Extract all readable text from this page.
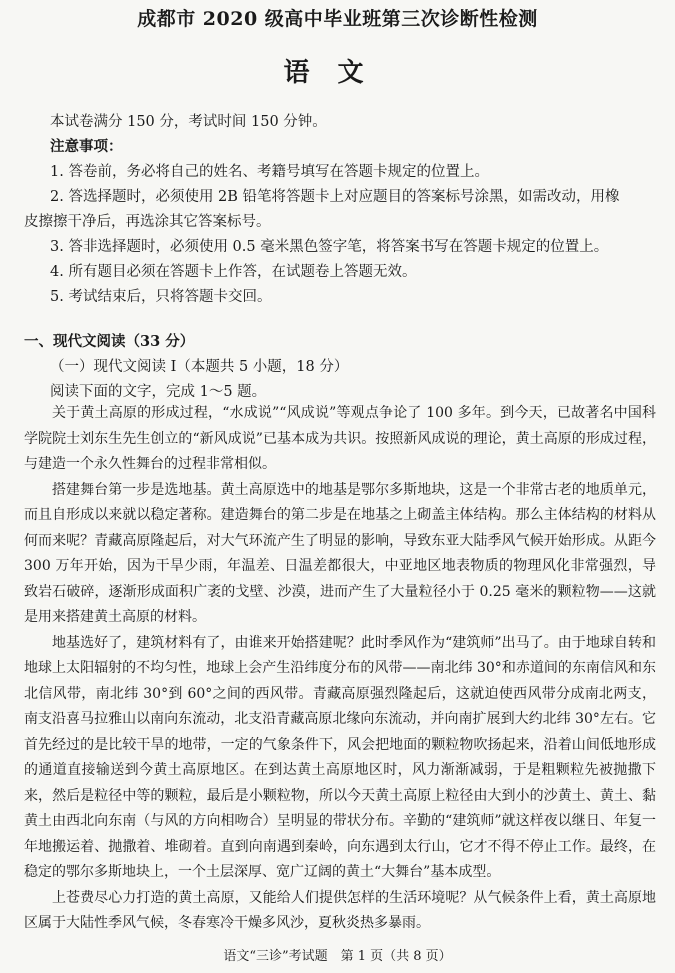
成都市 2020 级高中毕业班第三次诊断性检测
语文
本试卷满分 150 分，考试时间 150 分钟。
注意事项：
1. 答卷前，务必将自己的姓名、考籍号填写在答题卡规定的位置上。
2. 答选择题时，必须使用 2B 铅笔将答题卡上对应题目的答案标号涂黑，如需改动，用橡
皮擦擦干净后，再选涂其它答案标号。
3. 答非选择题时，必须使用 0.5 毫米黑色签字笔，将答案书写在答题卡规定的位置上。
4. 所有题目必须在答题卡上作答，在试题卷上答题无效。
5. 考试结束后，只将答题卡交回。
一、现代文阅读（33 分）
（一）现代文阅读 Ⅰ（本题共 5 小题，18 分）
阅读下面的文字，完成 1～5 题。

关于黄土高原的形成过程，“水成说”“风成说”等观点争论了 100 多年。到今天，已故著名中国科学院院士刘东生先生创立的“新风成说”已基本成为共识。按照新风成说的理论，黄土高原的形成过程，与建造一个永久性舞台的过程非常相似。

搭建舞台第一步是选地基。黄土高原选中的地基是鄂尔多斯地块，这是一个非常古老的地质单元，而且自形成以来就以稳定著称。建造舞台的第二步是在地基之上砌盖主体结构。那么主体结构的材料从何而来呢？青藏高原隆起后，对大气环流产生了明显的影响，导致东亚大陆季风气候开始形成。从距今 300 万年开始，因为干旱少雨，年温差、日温差都很大，中亚地区地表物质的物理风化非常强烈，导致岩石破碎，逐渐形成面积广袤的戈壁、沙漠，进而产生了大量粒径小于 0.25 毫米的颗粒物——这就是用来搭建黄土高原的材料。

地基选好了，建筑材料有了，由谁来开始搭建呢？此时季风作为“建筑师”出马了。由于地球自转和地球上太阳辐射的不均匀性，地球上会产生沿纬度分布的风带——南北纬 30°和赤道间的东南信风和东北信风带，南北纬 30°到 60°之间的西风带。青藏高原强烈隆起后，这就迫使西风带分成南北两支，南支沿喜马拉雅山以南向东流动，北支沿青藏高原北缘向东流动，并向南扩展到大约北纬 30°左右。它首先经过的是比较干旱的地带，一定的气象条件下，风会把地面的颗粒物吹扬起来，沿着山间低地形成的通道直接输送到今黄土高原地区。在到达黄土高原地区时，风力渐渐减弱，于是粗颗粒先被抛撒下来，然后是粒径中等的颗粒，最后是小颗粒物，所以今天黄土高原上粒径由大到小的沙黄土、黄土、黏黄土由西北向东南（与风的方向相吻合）呈明显的带状分布。辛勤的“建筑师”就这样夜以继日、年复一年地搬运着、抛撒着、堆砌着。直到向南遇到秦岭，向东遇到太行山，它才不得不停止工作。最终，在稳定的鄂尔多斯地块上，一个土层深厚、宽广辽阔的黄土“大舞台”基本成型。

上苍费尽心力打造的黄土高原，又能给人们提供怎样的生活环境呢？从气候条件上看，黄土高原地区属于大陆性季风气候，冬春寒冷干燥多风沙，夏秋炎热多暴雨。

语文“三诊”考试题　第 1 页（共 8 页）
